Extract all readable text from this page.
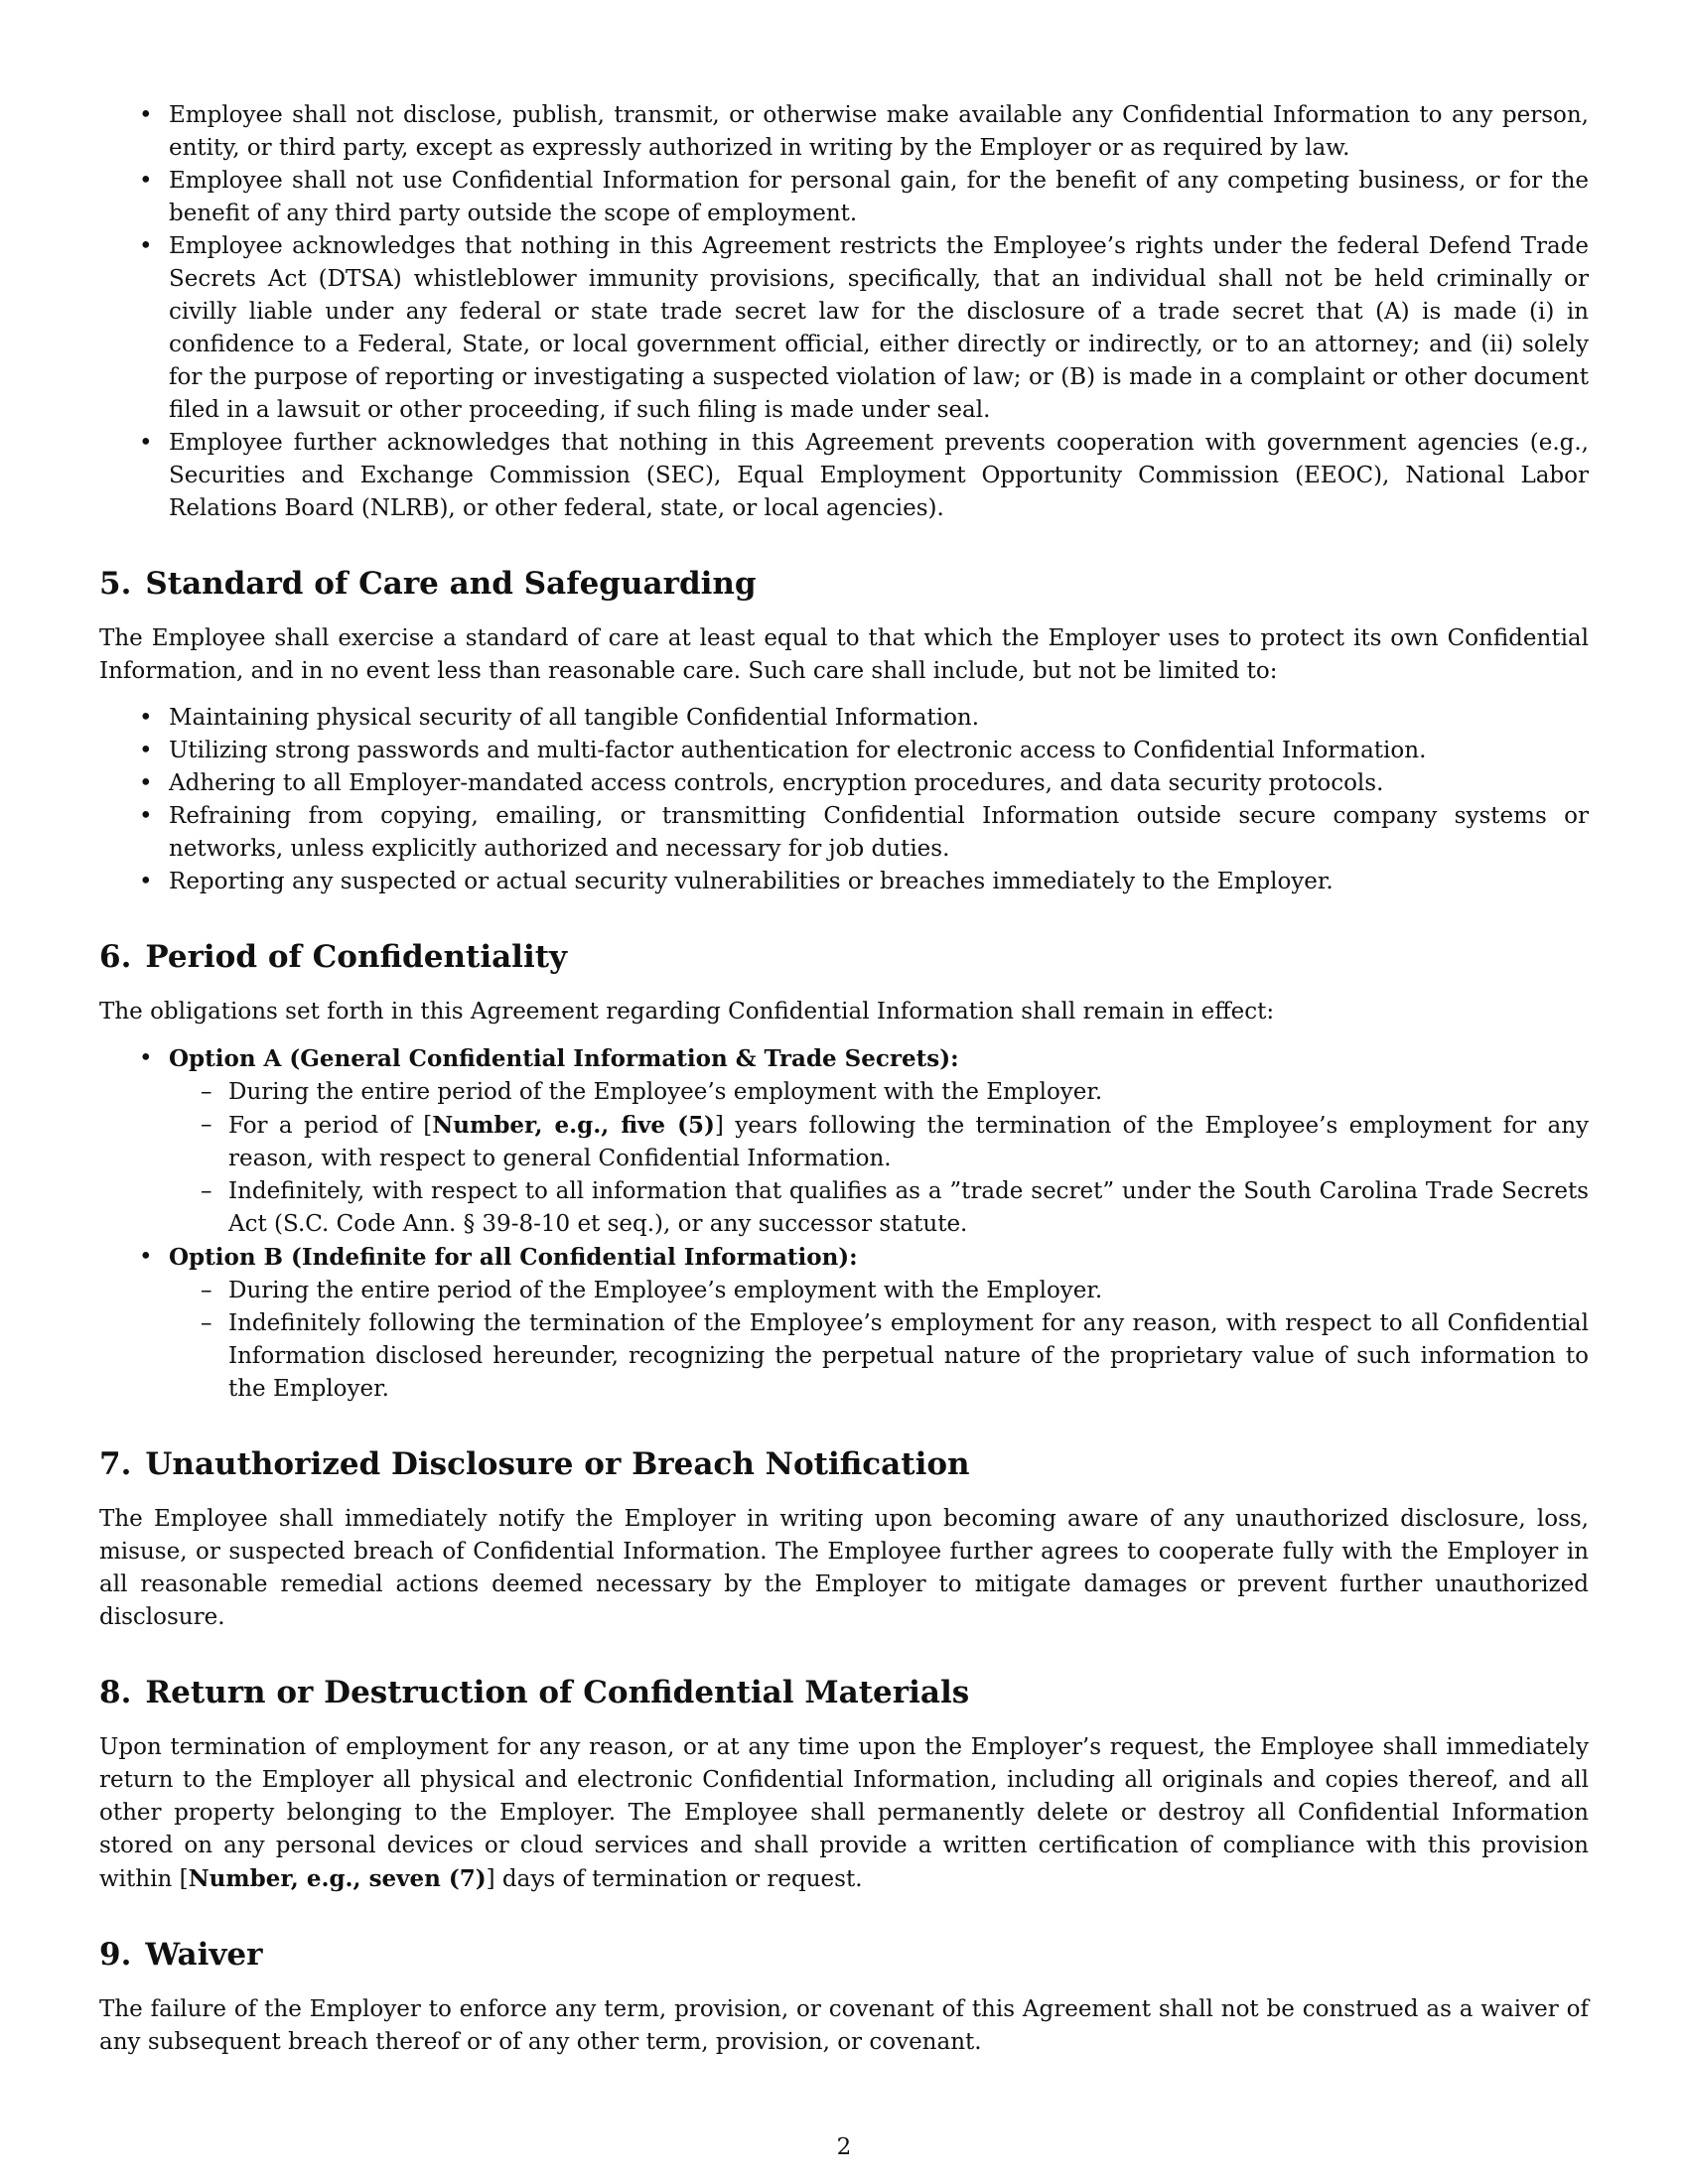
• Employee shall not disclose, publish, transmit, or otherwise make available any Confidential Information to any person, entity, or third party, except as expressly authorized in writing by the Employer or as required by law.
• Employee shall not use Confidential Information for personal gain, for the benefit of any competing business, or for the benefit of any third party outside the scope of employment.
• Employee acknowledges that nothing in this Agreement restricts the Employee’s rights under the federal Defend Trade Secrets Act (DTSA) whistleblower immunity provisions, specifically, that an individual shall not be held criminally or civilly liable under any federal or state trade secret law for the disclosure of a trade secret that (A) is made (i) in confidence to a Federal, State, or local government official, either directly or indirectly, or to an attorney; and (ii) solely for the purpose of reporting or investigating a suspected violation of law; or (B) is made in a complaint or other document filed in a lawsuit or other proceeding, if such filing is made under seal.
• Employee further acknowledges that nothing in this Agreement prevents cooperation with government agencies (e.g., Securities and Exchange Commission (SEC), Equal Employment Opportunity Commission (EEOC), National Labor Relations Board (NLRB), or other federal, state, or local agencies).
5. Standard of Care and Safeguarding

The Employee shall exercise a standard of care at least equal to that which the Employer uses to protect its own Confidential Information, and in no event less than reasonable care. Such care shall include, but not be limited to:

• Maintaining physical security of all tangible Confidential Information.
• Utilizing strong passwords and multi-factor authentication for electronic access to Confidential Information.
• Adhering to all Employer-mandated access controls, encryption procedures, and data security protocols.
• Refraining from copying, emailing, or transmitting Confidential Information outside secure company systems or networks, unless explicitly authorized and necessary for job duties.
• Reporting any suspected or actual security vulnerabilities or breaches immediately to the Employer.
6. Period of Confidentiality

The obligations set forth in this Agreement regarding Confidential Information shall remain in effect:

• Option A (General Confidential Information & Trade Secrets):
– During the entire period of the Employee’s employment with the Employer.
– For a period of [Number, e.g., five (5)] years following the termination of the Employee’s employment for any reason, with respect to general Confidential Information.
– Indefinitely, with respect to all information that qualifies as a ”trade secret” under the South Carolina Trade Secrets Act (S.C. Code Ann. § 39-8-10 et seq.), or any successor statute.
• Option B (Indefinite for all Confidential Information):
– During the entire period of the Employee’s employment with the Employer.
– Indefinitely following the termination of the Employee’s employment for any reason, with respect to all Confidential Information disclosed hereunder, recognizing the perpetual nature of the proprietary value of such information to the Employer.
7. Unauthorized Disclosure or Breach Notification

The Employee shall immediately notify the Employer in writing upon becoming aware of any unauthorized disclosure, loss, misuse, or suspected breach of Confidential Information. The Employee further agrees to cooperate fully with the Employer in all reasonable remedial actions deemed necessary by the Employer to mitigate damages or prevent further unauthorized disclosure.

8. Return or Destruction of Confidential Materials

Upon termination of employment for any reason, or at any time upon the Employer’s request, the Employee shall immediately return to the Employer all physical and electronic Confidential Information, including all originals and copies thereof, and all other property belonging to the Employer. The Employee shall permanently delete or destroy all Confidential Information stored on any personal devices or cloud services and shall provide a written certification of compliance with this provision within [Number, e.g., seven (7)] days of termination or request.

9. Waiver

The failure of the Employer to enforce any term, provision, or covenant of this Agreement shall not be construed as a waiver of any subsequent breach thereof or of any other term, provision, or covenant.

2
